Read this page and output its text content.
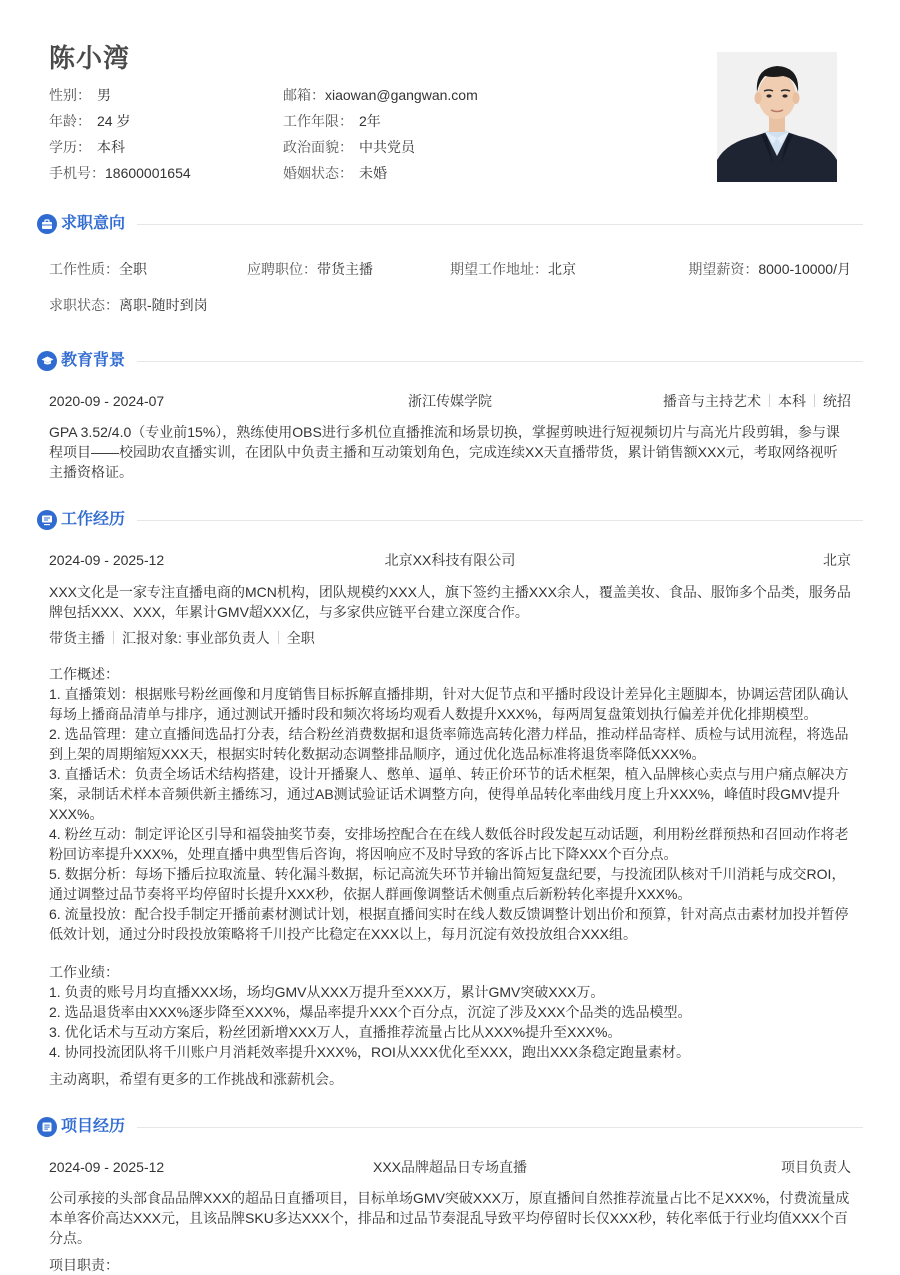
陈小湾
性别： 男	邮箱：xiaowan@gangwan.com
年龄： 24 岁	工作年限： 2年
学历： 本科	政治面貌： 中共党员
手机号：18600001654	婚姻状态： 未婚
求职意向
工作性质：全职	应聘职位：带货主播	期望工作地址：北京	期望薪资：8000-10000/月
求职状态：离职-随时到岗
教育背景
2020-09 - 2024-07	浙江传媒学院	播音与主持艺术 本科 统招
GPA 3.52/4.0（专业前15%），熟练使用OBS进行多机位直播推流和场景切换，掌握剪映进行短视频切片与高光片段剪辑，参与课程项目——校园助农直播实训，在团队中负责主播和互动策划角色，完成连续XX天直播带货，累计销售额XXX元，考取网络视听主播资格证。
工作经历
2024-09 - 2025-12	北京XX科技有限公司	北京
XXX文化是一家专注直播电商的MCN机构，团队规模约XXX人，旗下签约主播XXX余人，覆盖美妆、食品、服饰多个品类，服务品牌包括XXX、XXX，年累计GMV超XXX亿，与多家供应链平台建立深度合作。
带货主播 汇报对象: 事业部负责人 全职
工作概述：
1. 直播策划：根据账号粉丝画像和月度销售目标拆解直播排期，针对大促节点和平播时段设计差异化主题脚本，协调运营团队确认每场上播商品清单与排序，通过测试开播时段和频次将场均观看人数提升XXX%，每两周复盘策划执行偏差并优化排期模型。
2. 选品管理：建立直播间选品打分表，结合粉丝消费数据和退货率筛选高转化潜力样品，推动样品寄样、质检与试用流程，将选品到上架的周期缩短XXX天，根据实时转化数据动态调整排品顺序，通过优化选品标准将退货率降低XXX%。
3. 直播话术：负责全场话术结构搭建，设计开播聚人、憋单、逼单、转正价环节的话术框架，植入品牌核心卖点与用户痛点解决方案，录制话术样本音频供新主播练习，通过AB测试验证话术调整方向，使得单品转化率曲线月度上升XXX%，峰值时段GMV提升XXX%。
4. 粉丝互动：制定评论区引导和福袋抽奖节奏，安排场控配合在在线人数低谷时段发起互动话题，利用粉丝群预热和召回动作将老粉回访率提升XXX%，处理直播中典型售后咨询，将因响应不及时导致的客诉占比下降XXX个百分点。
5. 数据分析：每场下播后拉取流量、转化漏斗数据，标记高流失环节并输出简短复盘纪要，与投流团队核对千川消耗与成交ROI，通过调整过品节奏将平均停留时长提升XXX秒，依据人群画像调整话术侧重点后新粉转化率提升XXX%。
6. 流量投放：配合投手制定开播前素材测试计划，根据直播间实时在线人数反馈调整计划出价和预算，针对高点击素材加投并暂停低效计划，通过分时段投放策略将千川投产比稳定在XXX以上，每月沉淀有效投放组合XXX组。
工作业绩：
1. 负责的账号月均直播XXX场，场均GMV从XXX万提升至XXX万，累计GMV突破XXX万。
2. 选品退货率由XXX%逐步降至XXX%，爆品率提升XXX个百分点，沉淀了涉及XXX个品类的选品模型。
3. 优化话术与互动方案后，粉丝团新增XXX万人，直播推荐流量占比从XXX%提升至XXX%。
4. 协同投流团队将千川账户月消耗效率提升XXX%，ROI从XXX优化至XXX，跑出XXX条稳定跑量素材。
主动离职，希望有更多的工作挑战和涨薪机会。
项目经历
2024-09 - 2025-12	XXX品牌超品日专场直播	项目负责人
公司承接的头部食品品牌XXX的超品日直播项目，目标单场GMV突破XXX万，原直播间自然推荐流量占比不足XXX%，付费流量成本单客价高达XXX元，且该品牌SKU多达XXX个，排品和过品节奏混乱导致平均停留时长仅XXX秒，转化率低于行业均值XXX个百分点。
项目职责：
